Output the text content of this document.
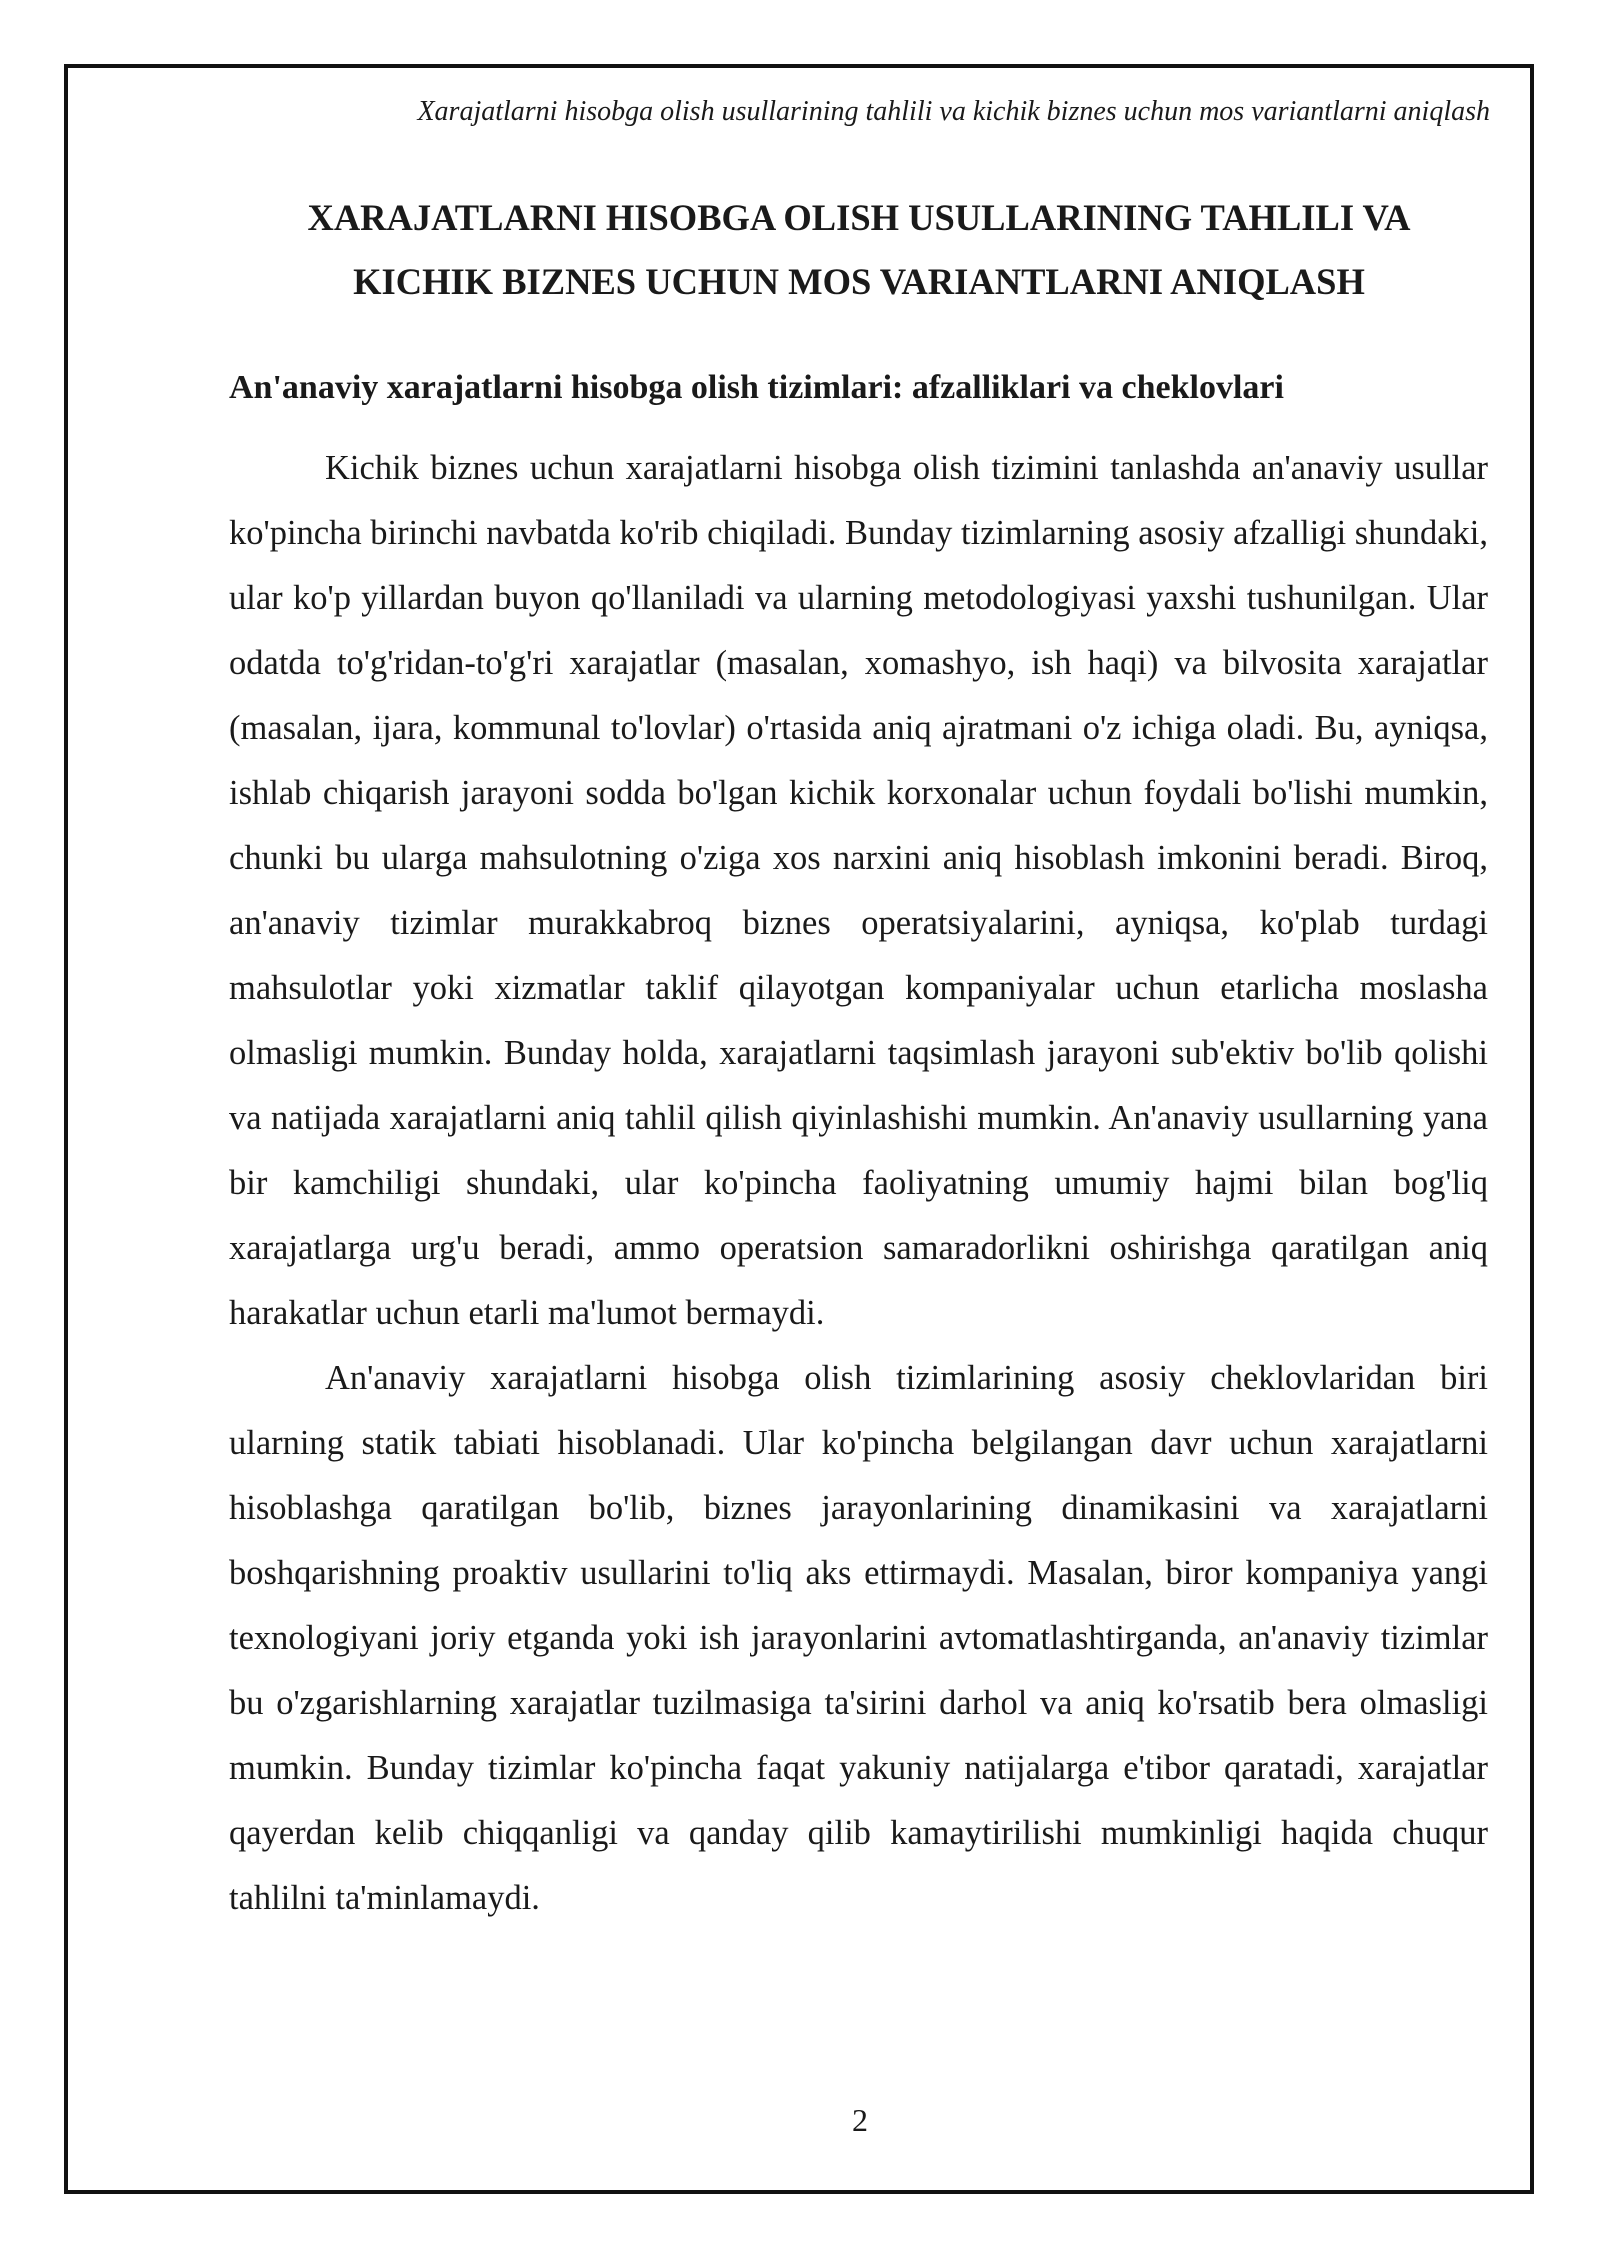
Xarajatlarni hisobga olish usullarining tahlili va kichik biznes uchun mos variantlarni aniqlash
XARAJATLARNI HISOBGA OLISH USULLARINING TAHLILI VA
KICHIK BIZNES UCHUN MOS VARIANTLARNI ANIQLASH
An'anaviy xarajatlarni hisobga olish tizimlari: afzalliklari va cheklovlari

Kichik biznes uchun xarajatlarni hisobga olish tizimini tanlashda an'anaviy usullar ko'pincha birinchi navbatda ko'rib chiqiladi. Bunday tizimlarning asosiy afzalligi shundaki, ular ko'p yillardan buyon qo'llaniladi va ularning metodologiyasi yaxshi tushunilgan. Ular odatda to'g'ridan-to'g'ri xarajatlar (masalan, xomashyo, ish haqi) va bilvosita xarajatlar (masalan, ijara, kommunal to'lovlar) o'rtasida aniq ajratmani o'z ichiga oladi. Bu, ayniqsa, ishlab chiqarish jarayoni sodda bo'lgan kichik korxonalar uchun foydali bo'lishi mumkin, chunki bu ularga mahsulotning o'ziga xos narxini aniq hisoblash imkonini beradi. Biroq, an'anaviy tizimlar murakkabroq biznes operatsiyalarini, ayniqsa, ko'plab turdagi mahsulotlar yoki xizmatlar taklif qilayotgan kompaniyalar uchun etarlicha moslasha olmasligi mumkin. Bunday holda, xarajatlarni taqsimlash jarayoni sub'ektiv bo'lib qolishi va natijada xarajatlarni aniq tahlil qilish qiyinlashishi mumkin. An'anaviy usullarning yana bir kamchiligi shundaki, ular ko'pincha faoliyatning umumiy hajmi bilan bog'liq xarajatlarga urg'u beradi, ammo operatsion samaradorlikni oshirishga qaratilgan aniq harakatlar uchun etarli ma'lumot bermaydi.

An'anaviy xarajatlarni hisobga olish tizimlarining asosiy cheklovlaridan biri ularning statik tabiati hisoblanadi. Ular ko'pincha belgilangan davr uchun xarajatlarni hisoblashga qaratilgan bo'lib, biznes jarayonlarining dinamikasini va xarajatlarni boshqarishning proaktiv usullarini to'liq aks ettirmaydi. Masalan, biror kompaniya yangi texnologiyani joriy etganda yoki ish jarayonlarini avtomatlashtirganda, an'anaviy tizimlar bu o'zgarishlarning xarajatlar tuzilmasiga ta'sirini darhol va aniq ko'rsatib bera olmasligi mumkin. Bunday tizimlar ko'pincha faqat yakuniy natijalarga e'tibor qaratadi, xarajatlar qayerdan kelib chiqqanligi va qanday qilib kamaytirilishi mumkinligi haqida chuqur tahlilni ta'minlamaydi.

2
